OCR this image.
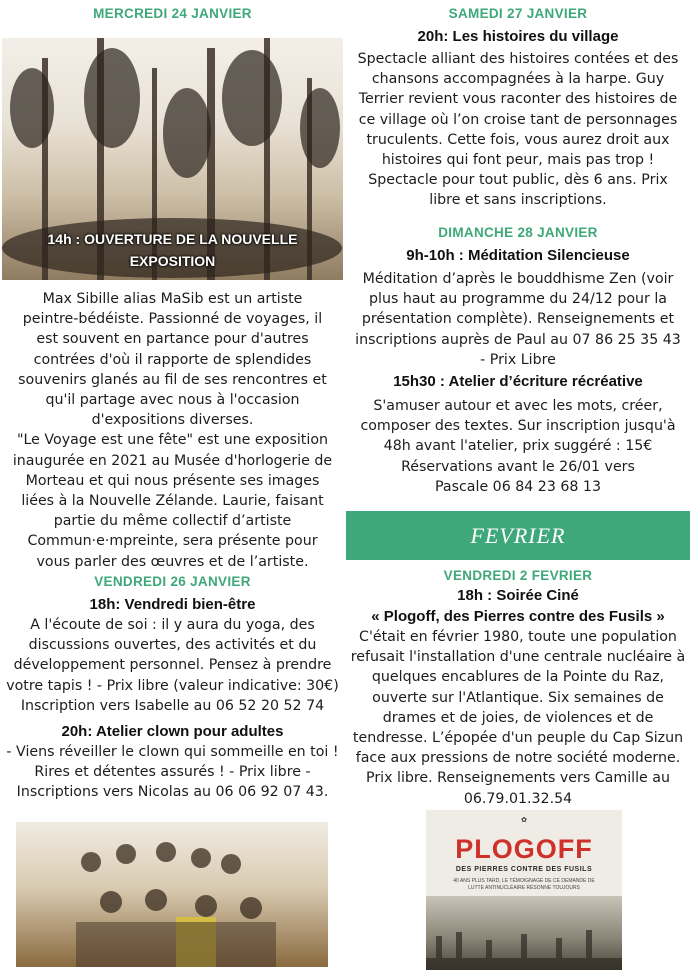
MERCREDI 24 JANVIER
14h : OUVERTURE DE LA NOUVELLE
EXPOSITION
Max Sibille alias MaSib est un artiste
peintre-bédéiste. Passionné de voyages, il
est souvent en partance pour d'autres
contrées d'où il rapporte de splendides
souvenirs glanés au fil de ses rencontres et
qu'il partage avec nous à l'occasion
d'expositions diverses.
"Le Voyage est une fête" est une exposition
inaugurée en 2021 au Musée d'horlogerie de
Morteau et qui nous présente ses images
liées à la Nouvelle Zélande. Laurie, faisant
partie du même collectif d’artiste
Commun·e·mpreinte, sera présente pour
vous parler des œuvres et de l’artiste.
VENDREDI 26 JANVIER
18h: Vendredi bien-être
A l'écoute de soi : il y aura du yoga, des
discussions ouvertes, des activités et du
développement personnel. Pensez à prendre
votre tapis ! - Prix libre (valeur indicative: 30€)
Inscription vers Isabelle au 06 52 20 52 74
20h: Atelier clown pour adultes
- Viens réveiller le clown qui sommeille en toi !
Rires et détentes assurés ! - Prix libre -
Inscriptions vers Nicolas au 06 06 92 07 43.
SAMEDI 27 JANVIER
20h: Les histoires du village
Spectacle alliant des histoires contées et des
chansons accompagnées à la harpe. Guy
Terrier revient vous raconter des histoires de
ce village où l’on croise tant de personnages
truculents. Cette fois, vous aurez droit aux
histoires qui font peur, mais pas trop !
Spectacle pour tout public, dès 6 ans. Prix
libre et sans inscriptions.
DIMANCHE 28 JANVIER
9h-10h : Méditation Silencieuse
Méditation d’après le bouddhisme Zen (voir
plus haut au programme du 24/12 pour la
présentation complète). Renseignements et
inscriptions auprès de Paul au 07 86 25 35 43
- Prix Libre
15h30 : Atelier d’écriture récréative
S'amuser autour et avec les mots, créer,
composer des textes. Sur inscription jusqu'à
48h avant l'atelier, prix suggéré : 15€
Réservations avant le 26/01 vers
Pascale 06 84 23 68 13
FEVRIER
VENDREDI 2 FEVRIER
18h : Soirée Ciné
« Plogoff, des Pierres contre des Fusils »
C'était en février 1980, toute une population
refusait l'installation d'une centrale nucléaire à
quelques encablures de la Pointe du Raz,
ouverte sur l'Atlantique. Six semaines de
drames et de joies, de violences et de
tendresse. L’épopée d'un peuple du Cap Sizun
face aux pressions de notre société moderne.
Prix libre. Renseignements vers Camille au
06.79.01.32.54
✿
PLOGOFF
DES PIERRES CONTRE DES FUSILS
40 ANS PLUS TARD, LE TÉMOIGNAGE DE CE DEMANDE DE LUTTE ANTINUCLÉAIRE RÉSONNE TOUJOURS
